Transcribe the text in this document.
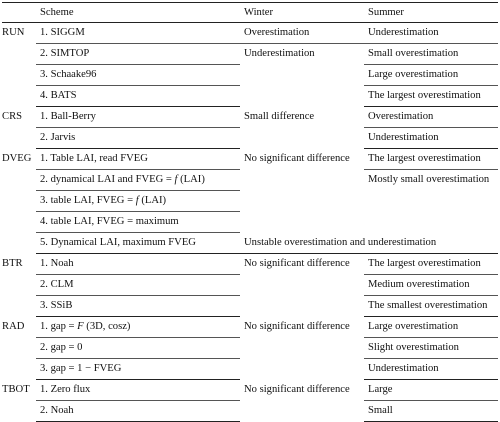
	Scheme	Winter	Summer
RUN	1. SIGGM	Overestimation	Underestimation
	2. SIMTOP	Underestimation	Small overestimation
	3. Schaake96		Large overestimation
	4. BATS		The largest overestimation
CRS	1. Ball-Berry	Small difference	Overestimation
	2. Jarvis		Underestimation
DVEG	1. Table LAI, read FVEG	No significant difference	The largest overestimation
	2. dynamical LAI and FVEG = f (LAI)		Mostly small overestimation
	3. table LAI, FVEG = f (LAI)		
	4. table LAI, FVEG = maximum		
	5. Dynamical LAI, maximum FVEG	Unstable overestimation and underestimation	
BTR	1. Noah	No significant difference	The largest overestimation
	2. CLM		Medium overestimation
	3. SSiB		The smallest overestimation
RAD	1. gap = F (3D, cosz)	No significant difference	Large overestimation
	2. gap = 0		Slight overestimation
	3. gap = 1 − FVEG		Underestimation
TBOT	1. Zero flux	No significant difference	Large
	2. Noah		Small
